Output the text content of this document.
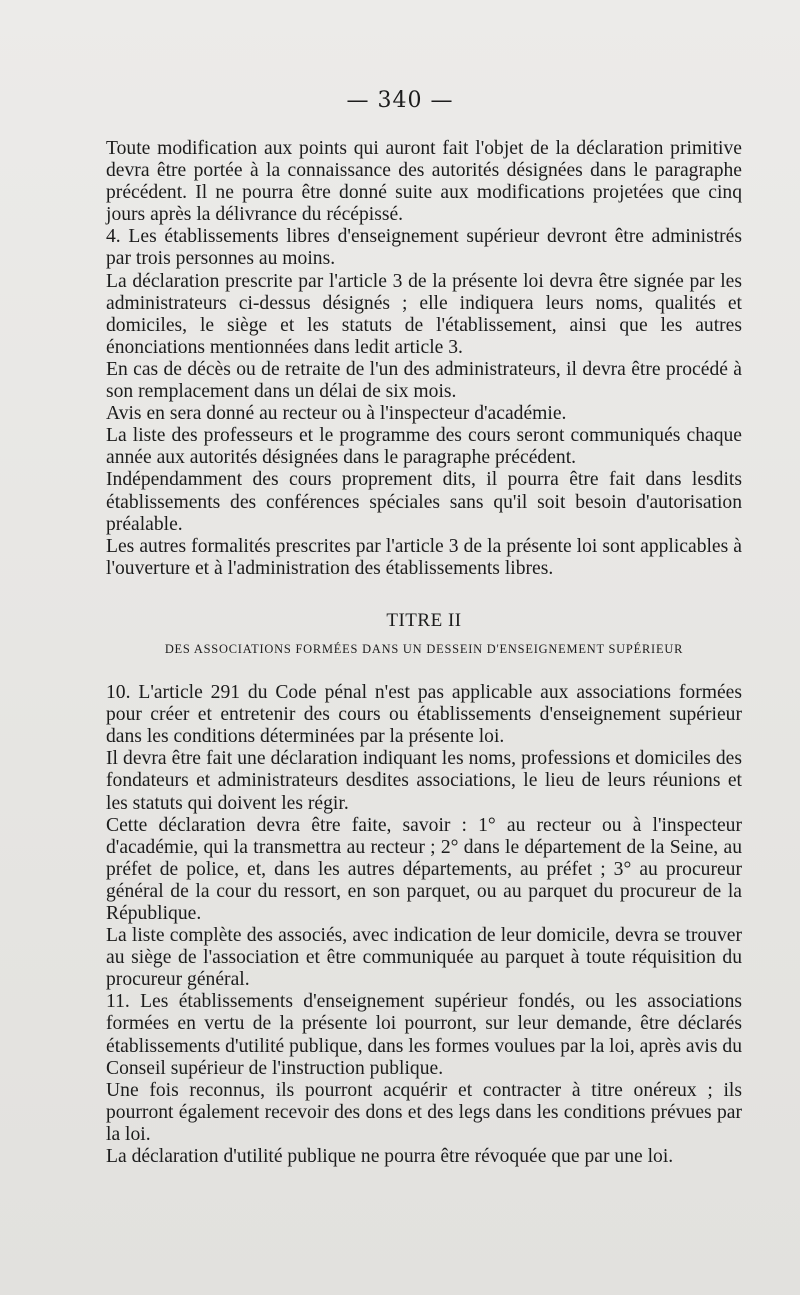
— 340 —

Toute modification aux points qui auront fait l'objet de la déclaration primitive devra être portée à la connaissance des autorités désignées dans le paragraphe précédent. Il ne pourra être donné suite aux modifications projetées que cinq jours après la délivrance du récépissé.

4. Les établissements libres d'enseignement supérieur devront être administrés par trois personnes au moins.

La déclaration prescrite par l'article 3 de la présente loi devra être signée par les administrateurs ci-dessus désignés ; elle indiquera leurs noms, qualités et domiciles, le siège et les statuts de l'établissement, ainsi que les autres énonciations mentionnées dans ledit article 3.

En cas de décès ou de retraite de l'un des administrateurs, il devra être procédé à son remplacement dans un délai de six mois.

Avis en sera donné au recteur ou à l'inspecteur d'académie.

La liste des professeurs et le programme des cours seront communiqués chaque année aux autorités désignées dans le paragraphe précédent.

Indépendamment des cours proprement dits, il pourra être fait dans lesdits établissements des conférences spéciales sans qu'il soit besoin d'autorisation préalable.

Les autres formalités prescrites par l'article 3 de la présente loi sont applicables à l'ouverture et à l'administration des établissements libres.

TITRE II
DES ASSOCIATIONS FORMÉES DANS UN DESSEIN D'ENSEIGNEMENT SUPÉRIEUR

10. L'article 291 du Code pénal n'est pas applicable aux associations formées pour créer et entretenir des cours ou établissements d'enseignement supérieur dans les conditions déterminées par la présente loi.

Il devra être fait une déclaration indiquant les noms, professions et domiciles des fondateurs et administrateurs desdites associations, le lieu de leurs réunions et les statuts qui doivent les régir.

Cette déclaration devra être faite, savoir : 1° au recteur ou à l'inspecteur d'académie, qui la transmettra au recteur ; 2° dans le département de la Seine, au préfet de police, et, dans les autres départements, au préfet ; 3° au procureur général de la cour du ressort, en son parquet, ou au parquet du procureur de la République.

La liste complète des associés, avec indication de leur domicile, devra se trouver au siège de l'association et être communiquée au parquet à toute réquisition du procureur général.

11. Les établissements d'enseignement supérieur fondés, ou les associations formées en vertu de la présente loi pourront, sur leur demande, être déclarés établissements d'utilité publique, dans les formes voulues par la loi, après avis du Conseil supérieur de l'instruction publique.

Une fois reconnus, ils pourront acquérir et contracter à titre onéreux ; ils pourront également recevoir des dons et des legs dans les conditions prévues par la loi.

La déclaration d'utilité publique ne pourra être révoquée que par une loi.
